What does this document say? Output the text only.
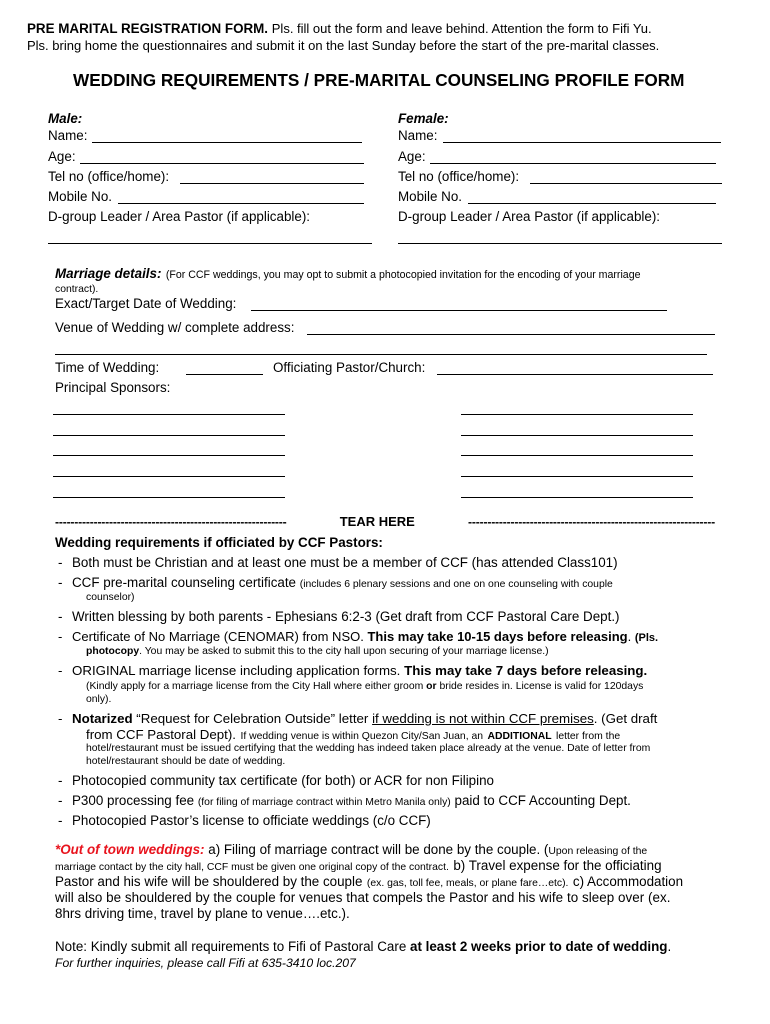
PRE MARITAL REGISTRATION FORM. Pls. fill out the form and leave behind. Attention the form to Fifi Yu.
Pls. bring home the questionnaires and submit it on the last Sunday before the start of the pre-marital classes.
WEDDING REQUIREMENTS / PRE-MARITAL COUNSELING PROFILE FORM
Male:
Name:
Age:
Tel no (office/home):
Mobile No.
D-group Leader / Area Pastor (if applicable):
Female:
Name:
Age:
Tel no (office/home):
Mobile No.
D-group Leader / Area Pastor (if applicable):
Marriage details: (For CCF weddings, you may opt to submit a photocopied invitation for the encoding of your marriage
contract).
Exact/Target Date of Wedding:
Venue of Wedding w/ complete address:
Time of Wedding:	Officiating Pastor/Church:
Principal Sponsors:
------------------------------------------------------------	TEAR HERE	----------------------------------------------------------------
Wedding requirements if officiated by CCF Pastors:
- Both must be Christian and at least one must be a member of CCF (has attended Class101)
- CCF pre-marital counseling certificate (includes 6 plenary sessions and one on one counseling with couple
counselor)
- Written blessing by both parents - Ephesians 6:2-3 (Get draft from CCF Pastoral Care Dept.)
- Certificate of No Marriage (CENOMAR) from NSO. This may take 10-15 days before releasing. (Pls.
photocopy. You may be asked to submit this to the city hall upon securing of your marriage license.)
- ORIGINAL marriage license including application forms. This may take 7 days before releasing.
(Kindly apply for a marriage license from the City Hall where either groom or bride resides in. License is valid for 120days
only).
- Notarized “Request for Celebration Outside” letter if wedding is not within CCF premises. (Get draft
from CCF Pastoral Dept). If wedding venue is within Quezon City/San Juan, an ADDITIONAL letter from the
hotel/restaurant must be issued certifying that the wedding has indeed taken place already at the venue. Date of letter from
hotel/restaurant should be date of wedding.
- Photocopied community tax certificate (for both) or ACR for non Filipino
- P300 processing fee (for filing of marriage contract within Metro Manila only) paid to CCF Accounting Dept.
- Photocopied Pastor’s license to officiate weddings (c/o CCF)
*Out of town weddings: a) Filing of marriage contract will be done by the couple. (Upon releasing of the
marriage contact by the city hall, CCF must be given one original copy of the contract. b) Travel expense for the officiating
Pastor and his wife will be shouldered by the couple (ex. gas, toll fee, meals, or plane fare…etc). c) Accommodation
will also be shouldered by the couple for venues that compels the Pastor and his wife to sleep over (ex.
8hrs driving time, travel by plane to venue….etc.).
Note: Kindly submit all requirements to Fifi of Pastoral Care at least 2 weeks prior to date of wedding.
For further inquiries, please call Fifi at 635-3410 loc.207
